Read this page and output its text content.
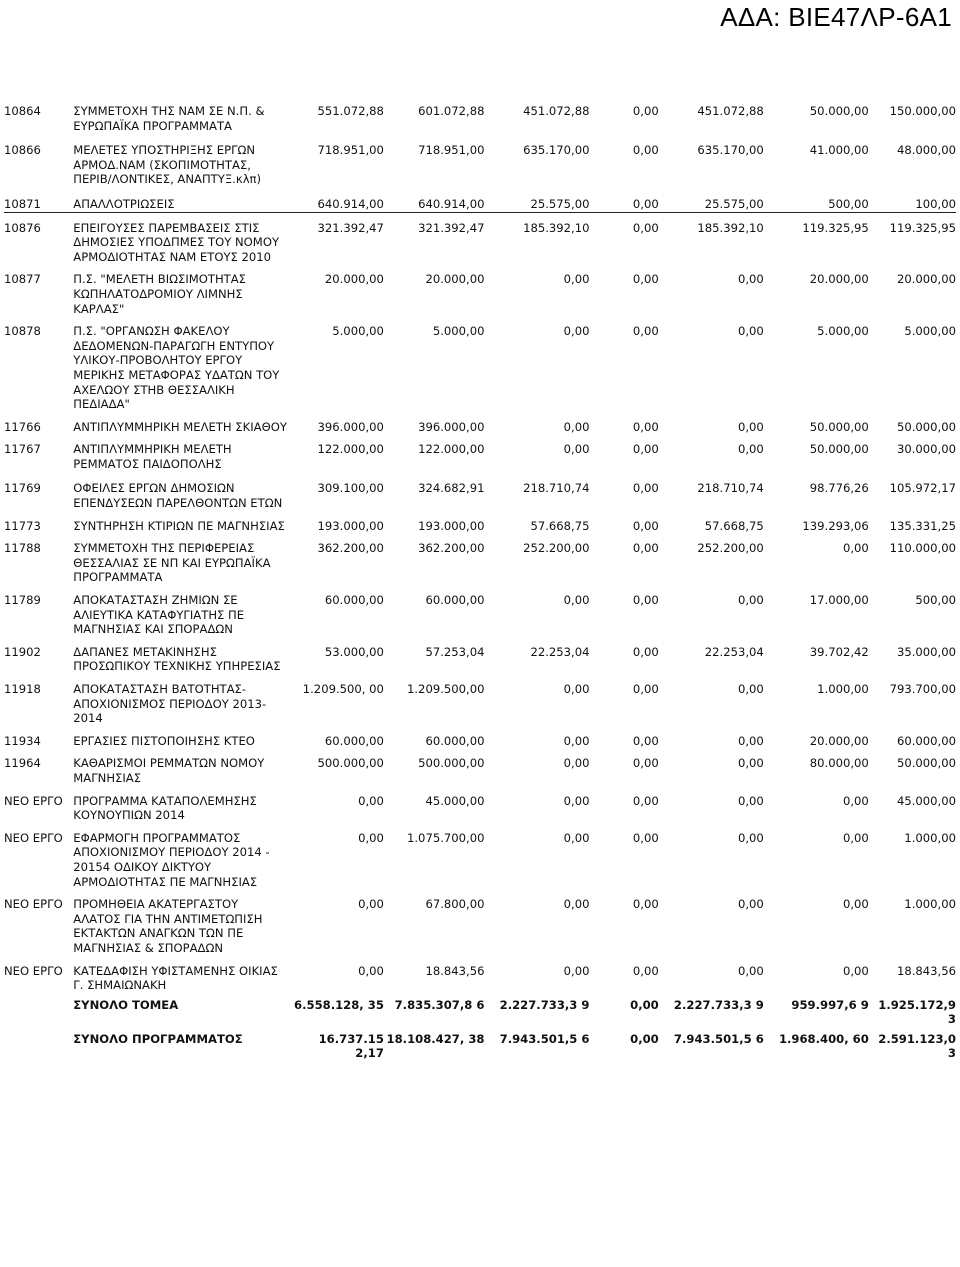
ΑΔΑ: ΒΙΕ47ΛΡ-6Α1
10864	ΣΥΜΜΕΤΟΧΗ ΤΗΣ ΝΑΜ ΣΕ Ν.Π. & ΕΥΡΩΠΑΪΚΑ ΠΡΟΓΡΑΜΜΑΤΑ	551.072,88	601.072,88	451.072,88	0,00	451.072,88	50.000,00	150.000,00
10866	ΜΕΛΕΤΕΣ ΥΠΟΣΤΗΡΙΞΗΣ ΕΡΓΩΝ ΑΡΜΟΔ.ΝΑΜ (ΣΚΟΠΙΜΟΤΗΤΑΣ, ΠΕΡΙΒ/ΛΟΝΤΙΚΕΣ, ΑΝΑΠΤΥΞ.κλπ)	718.951,00	718.951,00	635.170,00	0,00	635.170,00	41.000,00	48.000,00
10871	ΑΠΑΛΛΟΤΡΙΩΣΕΙΣ	640.914,00	640.914,00	25.575,00	0,00	25.575,00	500,00	100,00
10876	ΕΠΕΙΓΟΥΣΕΣ ΠΑΡΕΜΒΑΣΕΙΣ ΣΤΙΣ ΔΗΜΟΣΙΕΣ ΥΠΟΔΠΜΕΣ ΤΟΥ ΝΟΜΟΥ ΑΡΜΟΔΙΟΤΗΤΑΣ ΝΑΜ ΕΤΟΥΣ 2010	321.392,47	321.392,47	185.392,10	0,00	185.392,10	119.325,95	119.325,95
10877	Π.Σ. "ΜΕΛΕΤΗ ΒΙΩΣΙΜΟΤΗΤΑΣ ΚΩΠΗΛΑΤΟΔΡΟΜΙΟΥ ΛΙΜΝΗΣ ΚΑΡΛΑΣ"	20.000,00	20.000,00	0,00	0,00	0,00	20.000,00	20.000,00
10878	Π.Σ. "ΟΡΓΑΝΩΣΗ ΦΑΚΕΛΟΥ ΔΕΔΟΜΕΝΩΝ-ΠΑΡΑΓΩΓΗ ΕΝΤΥΠΟΥ ΥΛΙΚΟΥ-ΠΡΟΒΟΛΗΤΟΥ ΕΡΓΟΥ ΜΕΡΙΚΗΣ ΜΕΤΑΦΟΡΑΣ ΥΔΑΤΩΝ ΤΟΥ ΑΧΕΛΩΟΥ ΣΤΗΒ ΘΕΣΣΑΛΙΚΗ ΠΕΔΙΑΔΑ"	5.000,00	5.000,00	0,00	0,00	0,00	5.000,00	5.000,00
11766	ΑΝΤΙΠΛΥΜΜΗΡΙΚΗ ΜΕΛΕΤΗ ΣΚΙΑΘΟΥ	396.000,00	396.000,00	0,00	0,00	0,00	50.000,00	50.000,00
11767	ΑΝΤΙΠΛΥΜΜΗΡΙΚΗ ΜΕΛΕΤΗ ΡΕΜΜΑΤΟΣ ΠΑΙΔΟΠΟΛΗΣ	122.000,00	122.000,00	0,00	0,00	0,00	50.000,00	30.000,00
11769	ΟΦΕΙΛΕΣ ΕΡΓΩΝ ΔΗΜΟΣΙΩΝ ΕΠΕΝΔΥΣΕΩΝ ΠΑΡΕΛΘΟΝΤΩΝ ΕΤΩΝ	309.100,00	324.682,91	218.710,74	0,00	218.710,74	98.776,26	105.972,17
11773	ΣΥΝΤΗΡΗΣΗ ΚΤΙΡΙΩΝ ΠΕ ΜΑΓΝΗΣΙΑΣ	193.000,00	193.000,00	57.668,75	0,00	57.668,75	139.293,06	135.331,25
11788	ΣΥΜΜΕΤΟΧΗ ΤΗΣ ΠΕΡΙΦΕΡΕΙΑΣ ΘΕΣΣΑΛΙΑΣ ΣΕ ΝΠ ΚΑΙ ΕΥΡΩΠΑΪΚΑ ΠΡΟΓΡΑΜΜΑΤΑ	362.200,00	362.200,00	252.200,00	0,00	252.200,00	0,00	110.000,00
11789	ΑΠΟΚΑΤΑΣΤΑΣΗ ΖΗΜΙΩΝ ΣΕ ΑΛΙΕΥΤΙΚΑ ΚΑΤΑΦΥΓΙΑΤΗΣ ΠΕ ΜΑΓΝΗΣΙΑΣ ΚΑΙ ΣΠΟΡΑΔΩΝ	60.000,00	60.000,00	0,00	0,00	0,00	17.000,00	500,00
11902	ΔΑΠΑΝΕΣ ΜΕΤΑΚΙΝΗΣΗΣ ΠΡΟΣΩΠΙΚΟΥ ΤΕΧΝΙΚΗΣ ΥΠΗΡΕΣΙΑΣ	53.000,00	57.253,04	22.253,04	0,00	22.253,04	39.702,42	35.000,00
11918	ΑΠΟΚΑΤΑΣΤΑΣΗ ΒΑΤΟΤΗΤΑΣ-ΑΠΟΧΙΟΝΙΣΜΟΣ ΠΕΡΙΟΔΟΥ 2013-2014	1.209.500, 00	1.209.500,00	0,00	0,00	0,00	1.000,00	793.700,00
11934	ΕΡΓΑΣΙΕΣ ΠΙΣΤΟΠΟΙΗΣΗΣ ΚΤΕΟ	60.000,00	60.000,00	0,00	0,00	0,00	20.000,00	60.000,00
11964	ΚΑΘΑΡΙΣΜΟΙ ΡΕΜΜΑΤΩΝ ΝΟΜΟΥ ΜΑΓΝΗΣΙΑΣ	500.000,00	500.000,00	0,00	0,00	0,00	80.000,00	50.000,00
ΝΕΟ ΕΡΓΟ	ΠΡΟΓΡΑΜΜΑ ΚΑΤΑΠΟΛΕΜΗΣΗΣ ΚΟΥΝΟΥΠΙΩΝ 2014	0,00	45.000,00	0,00	0,00	0,00	0,00	45.000,00
ΝΕΟ ΕΡΓΟ	ΕΦΑΡΜΟΓΗ ΠΡΟΓΡΑΜΜΑΤΟΣ ΑΠΟΧΙΟΝΙΣΜΟΥ ΠΕΡΙΟΔΟΥ 2014 - 20154 ΟΔΙΚΟΥ ΔΙΚΤΥΟΥ ΑΡΜΟΔΙΟΤΗΤΑΣ ΠΕ ΜΑΓΝΗΣΙΑΣ	0,00	1.075.700,00	0,00	0,00	0,00	0,00	1.000,00
ΝΕΟ ΕΡΓΟ	ΠΡΟΜΗΘΕΙΑ ΑΚΑΤΕΡΓΑΣΤΟΥ ΑΛΑΤΟΣ ΓΙΑ ΤΗΝ ΑΝΤΙΜΕΤΩΠΙΣΗ ΕΚΤΑΚΤΩΝ ΑΝΑΓΚΩΝ ΤΩΝ ΠΕ ΜΑΓΝΗΣΙΑΣ & ΣΠΟΡΑΔΩΝ	0,00	67.800,00	0,00	0,00	0,00	0,00	1.000,00
ΝΕΟ ΕΡΓΟ	ΚΑΤΕΔΑΦΙΣΗ ΥΦΙΣΤΑΜΕΝΗΣ ΟΙΚΙΑΣ Γ. ΣΗΜΑΙΩΝΑΚΗ	0,00	18.843,56	0,00	0,00	0,00	0,00	18.843,56
	ΣΥΝΟΛΟ ΤΟΜΕΑ	6.558.128, 35	7.835.307,8 6	2.227.733,3 9	0,00	2.227.733,3 9	959.997,6 9	1.925.172,9 3
	ΣΥΝΟΛΟ ΠΡΟΓΡΑΜΜΑΤΟΣ	16.737.15 2,17	18.108.427, 38	7.943.501,5 6	0,00	7.943.501,5 6	1.968.400, 60	2.591.123,0 3
